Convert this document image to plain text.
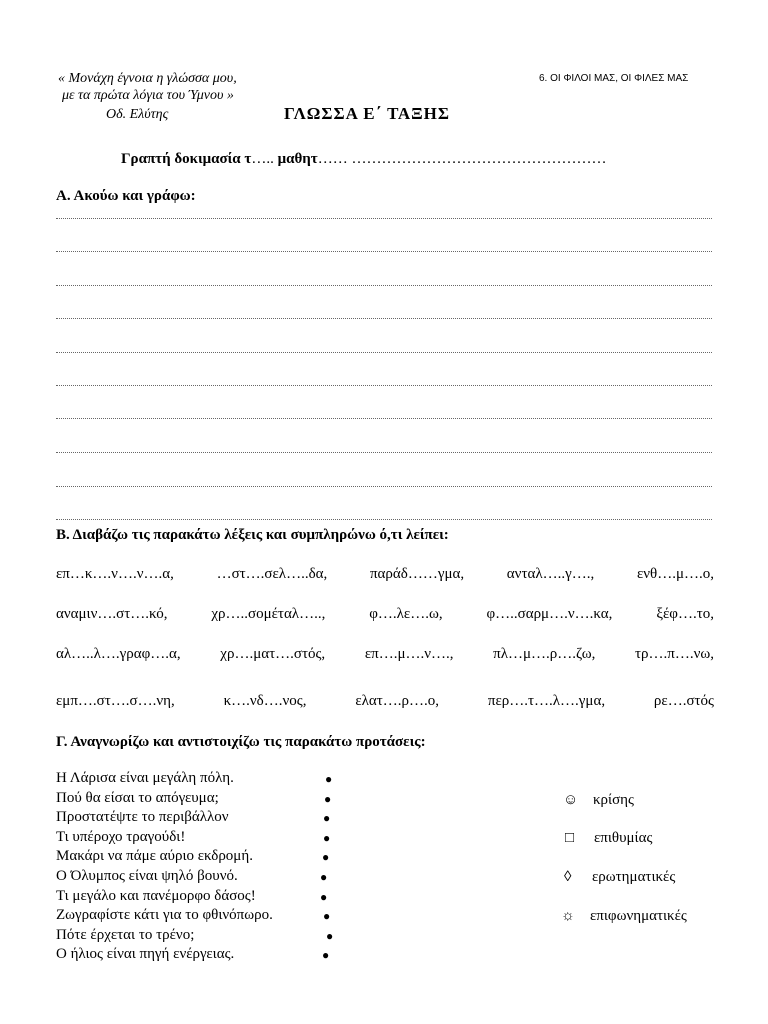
« Μονάχη έγνοια η γλώσσα μου,
με τα πρώτα λόγια του Ύμνου »
Οδ. Ελύτης
6. ΟΙ ΦΙΛΟΙ ΜΑΣ, ΟΙ ΦΙΛΕΣ ΜΑΣ
ΓΛΩΣΣΑ Ε΄ ΤΑΞΗΣ
Γραπτή δοκιμασία τ….. μαθητ…… ……………………………………………
Α. Ακούω και γράφω:
Β. Διαβάζω τις παρακάτω λέξεις και συμπληρώνω ό,τι λείπει:
επ…κ….ν….ν….α,	…στ….σελ…..δα,	παράδ……γμα,	ανταλ…..γ….,	ενθ….μ….ο,
αναμιν….στ….κό,	χρ…..σομέταλ…..,	φ….λε….ω,	φ…..σαρμ….ν….κα,	ξέφ….το,
αλ…..λ….γραφ….α,	χρ….ματ….στός,	επ….μ….ν….,	πλ…μ….ρ….ζω,	τρ….π….νω,
εμπ….στ….σ….νη,	κ….νδ….νος,	ελατ….ρ….ο,	περ….τ….λ….γμα,	ρε….στός
Γ. Αναγνωρίζω και αντιστοιχίζω τις παρακάτω προτάσεις:
Η Λάρισα είναι μεγάλη πόλη.	●
Πού θα είσαι το απόγευμα;	●
Προστατέψτε το περιβάλλον	●
Τι υπέροχο τραγούδι!	●
Μακάρι να πάμε αύριο εκδρομή.	●
Ο Όλυμπος είναι ψηλό βουνό.	●
Τι μεγάλο και πανέμορφο δάσος!	●
Ζωγραφίστε κάτι για το φθινόπωρο.	●
Πότε έρχεται το τρένο;	●
Ο ήλιος είναι πηγή ενέργειας.	●
☺ κρίσης
□ επιθυμίας
◊ ερωτηματικές
☼ επιφωνηματικές
